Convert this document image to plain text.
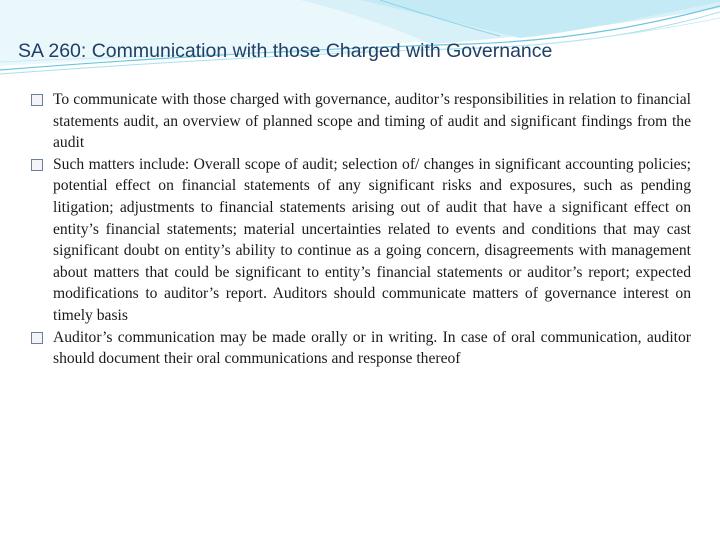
SA 260: Communication with those Charged with Governance
To communicate with those charged with governance, auditor’s responsibilities in relation to financial statements audit, an overview of planned scope and timing of audit and significant findings from the audit
Such matters include: Overall scope of audit; selection of/ changes in significant accounting policies; potential effect on financial statements of any significant risks and exposures, such as pending litigation; adjustments to financial statements arising out of audit that have a significant effect on entity’s financial statements; material uncertainties related to events and conditions that may cast significant doubt on entity’s ability to continue as a going concern, disagreements with management about matters that could be significant to entity’s financial statements or auditor’s report; expected modifications to auditor’s report. Auditors should communicate matters of governance interest on timely basis
Auditor’s communication may be made orally or in writing. In case of oral communication, auditor should document their oral communications and response thereof
